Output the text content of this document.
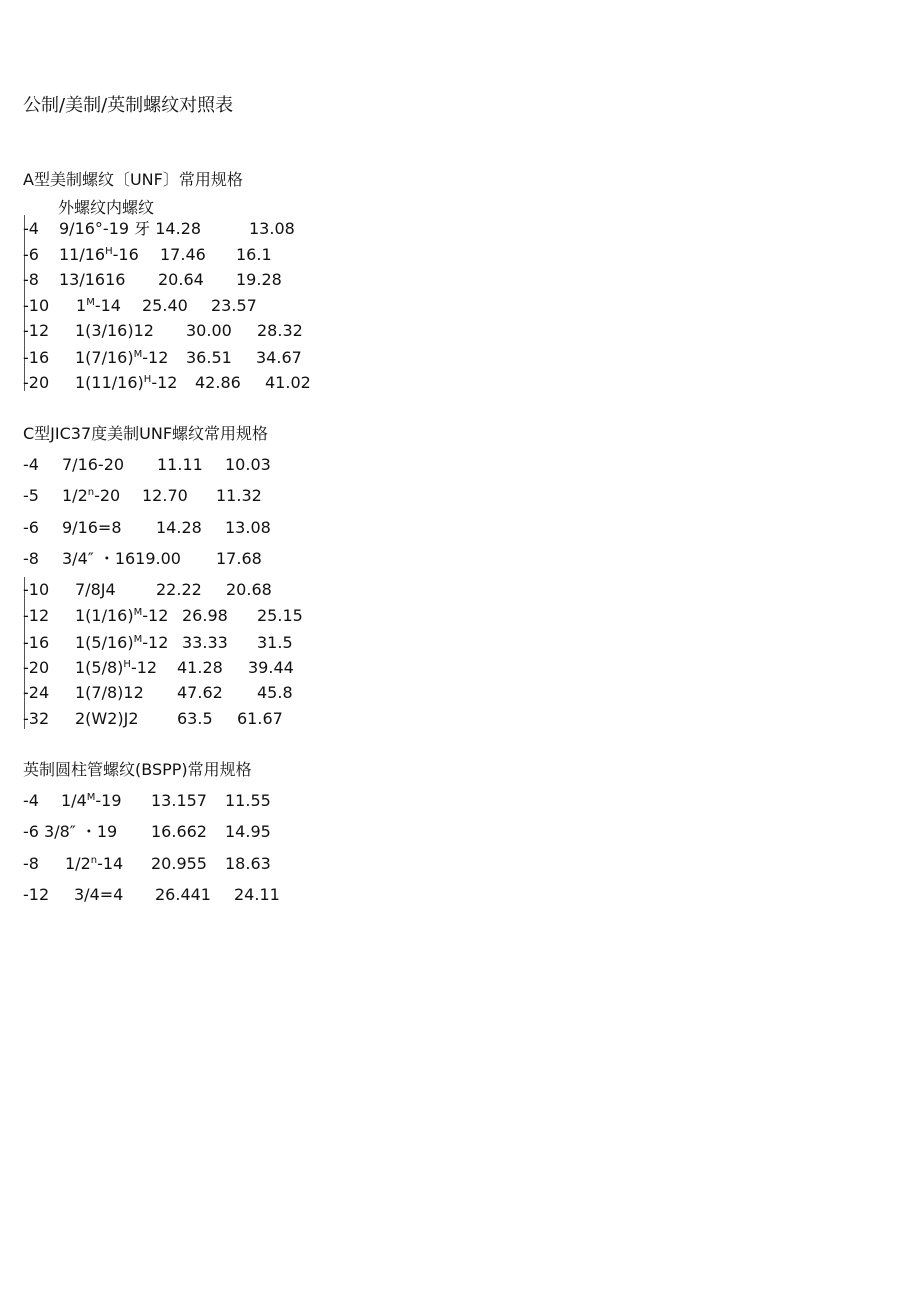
公制/美制/英制螺纹对照表
A型美制螺纹〔UNF〕常用规格
外螺纹内螺纹
-4 9/16°-19 牙 14.28	13.08
-6 $11/16^H-16$ 17.46 16.1
-8 13/1616 20.64 19.28
-10 $1^M-14$ 25.40 23.57
-12 1(3/16)12 30.00 28.32
-16 $1(7/16)^M-12$ 36.51 34.67
-20 $1(11/16)^H-12$ 42.86 41.02
C型JIC37度美制UNF螺纹常用规格
-4 7/16-20 11.11 10.03
-5 1/2$^n$-20 12.70 11.32
-6 9/16=8 14.28 13.08
-8 3/4″ ・1619.00 17.68
-10 7/8J4	22.22 20.68
-12 $1(1/16)^M-12$ 26.98 25.15
-16 $1(5/16)^M-12$ 33.33 31.5
-20 $1(5/8)^H-12$ 41.28 39.44
-24 1(7/8)12 47.62 45.8
-32 2(W2)J2 63.5 61.67
英制圆柱管螺纹(BSPP)常用规格
-4 $1/4^M-19$ 13.157 11.55
-6 3/8″ ・19 16.662 14.95
-8 1/2$^n$-14 20.955 18.63
-12 3/4=4 26.441 24.11
